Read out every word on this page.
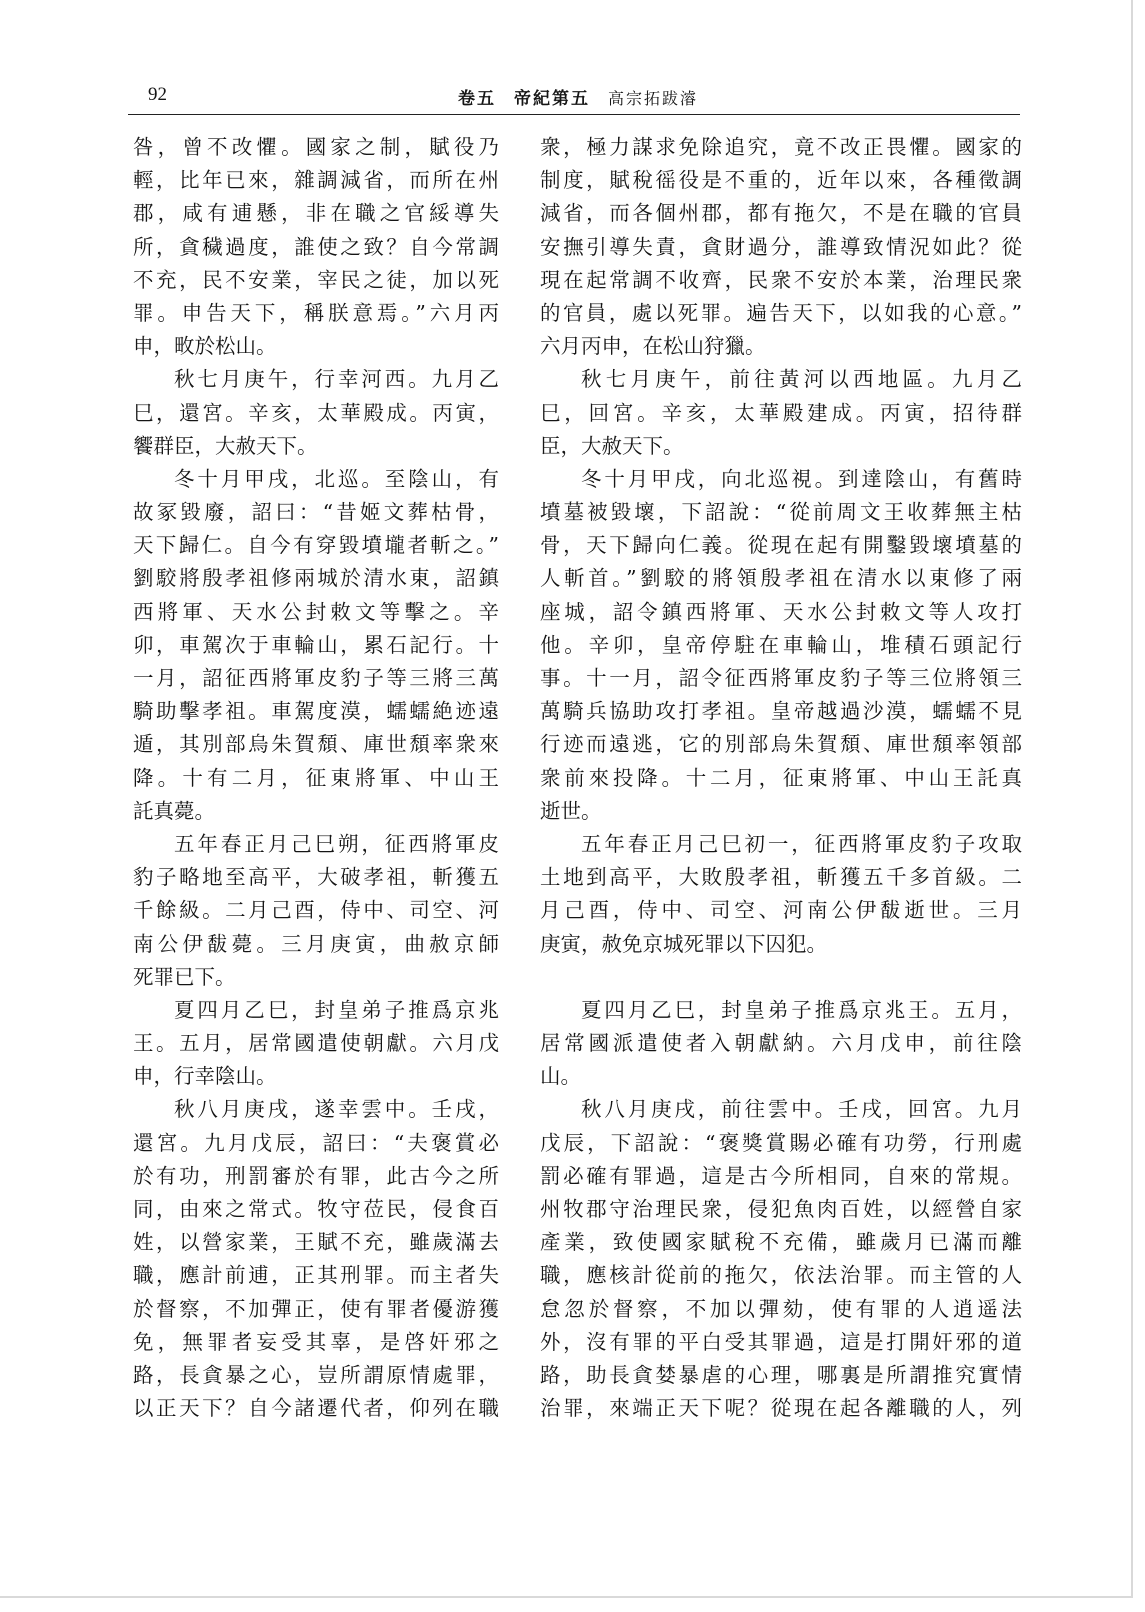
92	卷五 帝紀第五 高宗拓跋濬
咎，曾不改懼。國家之制，賦役乃
輕，比年已來，雜調減省，而所在州
郡，咸有逋懸，非在職之官綏導失
所，貪穢過度，誰使之致？自今常調
不充，民不安業，宰民之徒，加以死
罪。申告天下，稱朕意焉。”六月丙
申，畋於松山。
秋七月庚午，行幸河西。九月乙
巳，還宮。辛亥，太華殿成。丙寅，
饗群臣，大赦天下。
冬十月甲戌，北巡。至陰山，有
故冢毀廢，詔曰：“昔姬文葬枯骨，
天下歸仁。自今有穿毀墳壠者斬之。”
劉駮將殷孝祖修兩城於清水東，詔鎮
西將軍、天水公封敕文等擊之。辛
卯，車駕次于車輪山，累石記行。十
一月，詔征西將軍皮豹子等三將三萬
騎助擊孝祖。車駕度漠，蠕蠕絶迹遠
遁，其別部烏朱賀頹、庫世頹率衆來
降。十有二月，征東將軍、中山王
託真薨。
五年春正月己巳朔，征西將軍皮
豹子略地至高平，大破孝祖，斬獲五
千餘級。二月己酉，侍中、司空、河
南公伊馛薨。三月庚寅，曲赦京師
死罪已下。
夏四月乙巳，封皇弟子推爲京兆
王。五月，居常國遣使朝獻。六月戊
申，行幸陰山。
秋八月庚戌，遂幸雲中。壬戌，
還宮。九月戊辰，詔曰：“夫褒賞必
於有功，刑罰審於有罪，此古今之所
同，由來之常式。牧守莅民，侵食百
姓，以營家業，王賦不充，雖歲滿去
職，應計前逋，正其刑罪。而主者失
於督察，不加彈正，使有罪者優游獲
免，無罪者妄受其辜，是啓奸邪之
路，長貪暴之心，豈所謂原情處罪，
以正天下？自今諸遷代者，仰列在職
衆，極力謀求免除追究，竟不改正畏懼。國家的
制度，賦稅徭役是不重的，近年以來，各種徵調
減省，而各個州郡，都有拖欠，不是在職的官員
安撫引導失責，貪財過分，誰導致情況如此？從
現在起常調不收齊，民衆不安於本業，治理民衆
的官員，處以死罪。遍告天下，以如我的心意。”
六月丙申，在松山狩獵。
秋七月庚午，前往黃河以西地區。九月乙
巳，回宮。辛亥，太華殿建成。丙寅，招待群
臣，大赦天下。
冬十月甲戌，向北巡視。到達陰山，有舊時
墳墓被毀壞，下詔說：“從前周文王收葬無主枯
骨，天下歸向仁義。從現在起有開鑿毀壞墳墓的
人斬首。”劉駮的將領殷孝祖在清水以東修了兩
座城，詔令鎮西將軍、天水公封敕文等人攻打
他。辛卯，皇帝停駐在車輪山，堆積石頭記行
事。十一月，詔令征西將軍皮豹子等三位將領三
萬騎兵協助攻打孝祖。皇帝越過沙漠，蠕蠕不見
行迹而遠逃，它的別部烏朱賀頹、庫世頹率領部
衆前來投降。十二月，征東將軍、中山王託真
逝世。
五年春正月己巳初一，征西將軍皮豹子攻取
土地到高平，大敗殷孝祖，斬獲五千多首級。二
月己酉，侍中、司空、河南公伊馛逝世。三月
庚寅，赦免京城死罪以下囚犯。
夏四月乙巳，封皇弟子推爲京兆王。五月，
居常國派遣使者入朝獻納。六月戊申，前往陰
山。
秋八月庚戌，前往雲中。壬戌，回宮。九月
戊辰，下詔說：“褒獎賞賜必確有功勞，行刑處
罰必確有罪過，這是古今所相同，自來的常規。
州牧郡守治理民衆，侵犯魚肉百姓，以經營自家
產業，致使國家賦稅不充備，雖歲月已滿而離
職，應核計從前的拖欠，依法治罪。而主管的人
怠忽於督察，不加以彈劾，使有罪的人逍遥法
外，沒有罪的平白受其罪過，這是打開奸邪的道
路，助長貪婪暴虐的心理，哪裏是所謂推究實情
治罪，來端正天下呢？從現在起各離職的人，列
